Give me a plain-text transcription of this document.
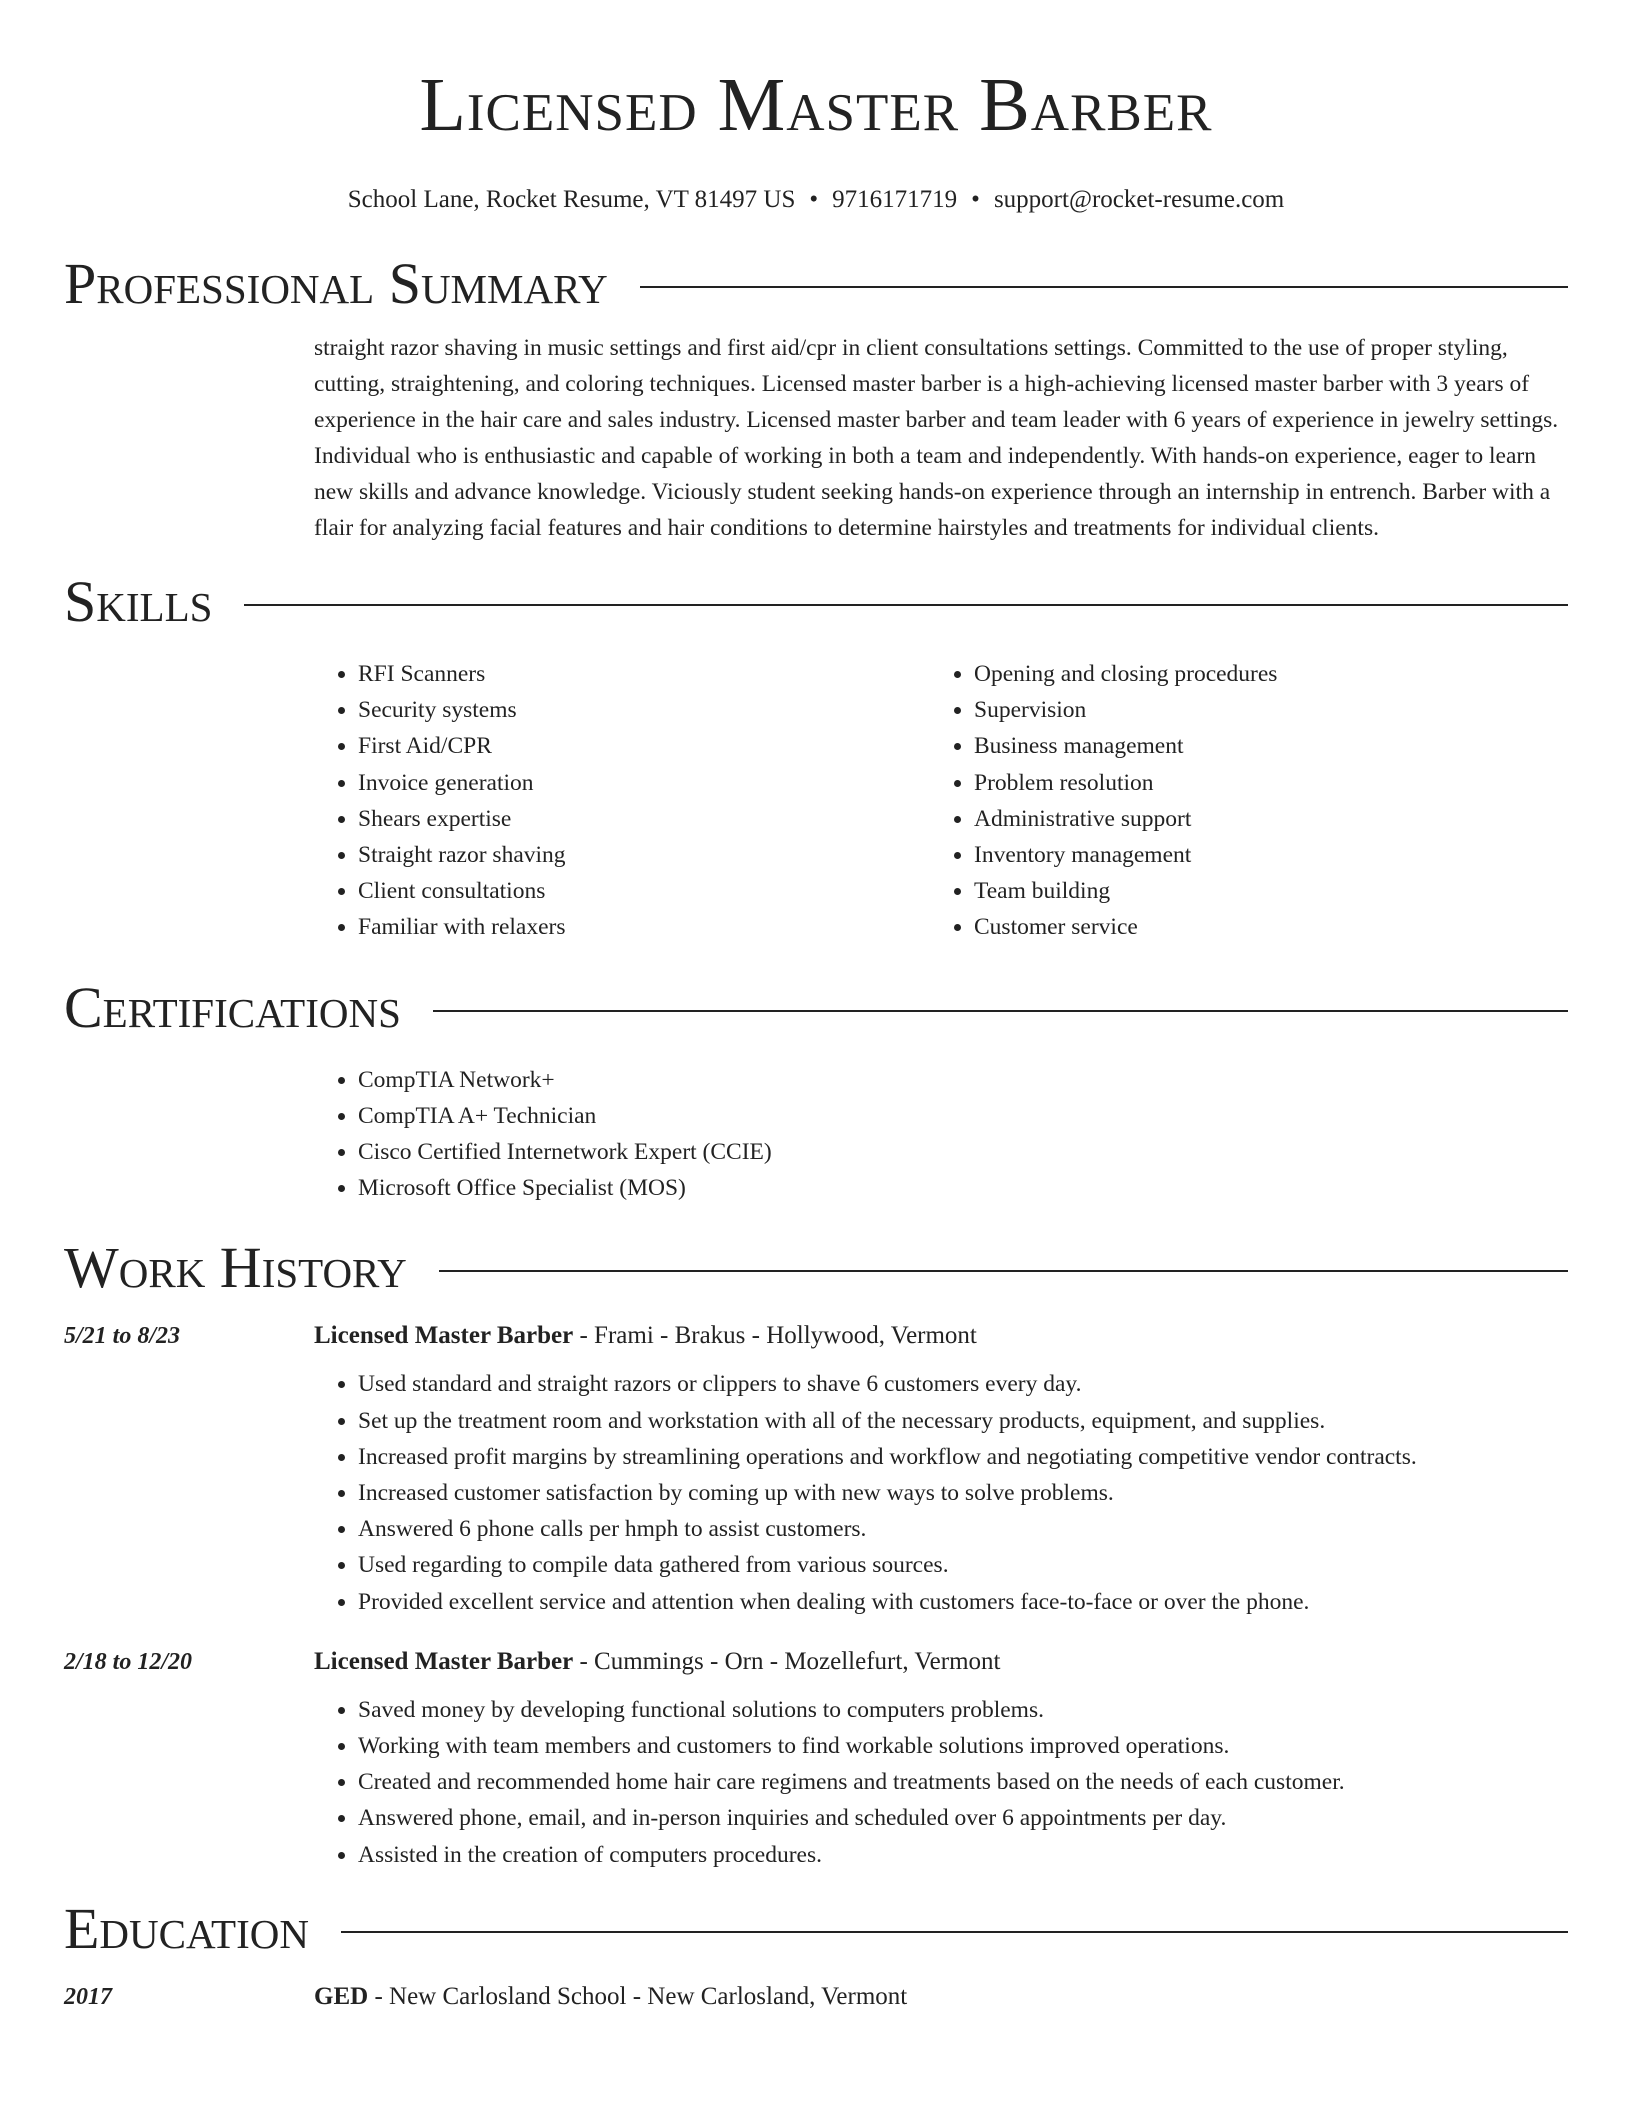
Licensed Master Barber
School Lane, Rocket Resume, VT 81497 US • 9716171719 • support@rocket-resume.com
Professional Summary

straight razor shaving in music settings and first aid/cpr in client consultations settings. Committed to the use of proper styling, cutting, straightening, and coloring techniques. Licensed master barber is a high-achieving licensed master barber with 3 years of experience in the hair care and sales industry. Licensed master barber and team leader with 6 years of experience in jewelry settings. Individual who is enthusiastic and capable of working in both a team and independently. With hands-on experience, eager to learn new skills and advance knowledge. Viciously student seeking hands-on experience through an internship in entrench. Barber with a flair for analyzing facial features and hair conditions to determine hairstyles and treatments for individual clients.

Skills
• RFI Scanners
• Security systems
• First Aid/CPR
• Invoice generation
• Shears expertise
• Straight razor shaving
• Client consultations
• Familiar with relaxers
• Opening and closing procedures
• Supervision
• Business management
• Problem resolution
• Administrative support
• Inventory management
• Team building
• Customer service
Certifications
• CompTIA Network+
• CompTIA A+ Technician
• Cisco Certified Internetwork Expert (CCIE)
• Microsoft Office Specialist (MOS)
Work History
5/21 to 8/23	Licensed Master Barber - Frami - Brakus - Hollywood, Vermont
• Used standard and straight razors or clippers to shave 6 customers every day.
• Set up the treatment room and workstation with all of the necessary products, equipment, and supplies.
• Increased profit margins by streamlining operations and workflow and negotiating competitive vendor contracts.
• Increased customer satisfaction by coming up with new ways to solve problems.
• Answered 6 phone calls per hmph to assist customers.
• Used regarding to compile data gathered from various sources.
• Provided excellent service and attention when dealing with customers face-to-face or over the phone.
2/18 to 12/20	Licensed Master Barber - Cummings - Orn - Mozellefurt, Vermont
• Saved money by developing functional solutions to computers problems.
• Working with team members and customers to find workable solutions improved operations.
• Created and recommended home hair care regimens and treatments based on the needs of each customer.
• Answered phone, email, and in-person inquiries and scheduled over 6 appointments per day.
• Assisted in the creation of computers procedures.
Education
2017	GED - New Carlosland School - New Carlosland, Vermont
